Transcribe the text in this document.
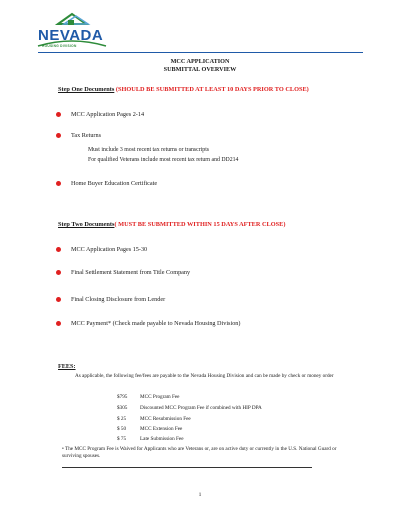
NEVADA
HOUSING DIVISION
MCC APPLICATION
SUBMITTAL OVERVIEW
Step One Documents (SHOULD BE SUBMITTED AT LEAST 10 DAYS PRIOR TO CLOSE)
MCC Application Pages 2-14
Tax Returns
Must include 3 most recent tax returns or transcripts
For qualified Veterans include most recent tax return and DD214
Home Buyer Education Certificate
Step Two Documents( MUST BE SUBMITTED WITHIN 15 DAYS AFTER CLOSE)
MCC Application Pages 15-30
Final Settlement Statement from Title Company
Final Closing Disclosure from Lender
MCC Payment* (Check made payable to Nevada Housing Division)
FEES:
As applicable, the following fee/fees are payable to the Nevada Housing Division and can be made by check or money order
$795 MCC Program Fee
$305 Discounted MCC Program Fee if combined with HIP DPA
$ 25	MCC Resubmission Fee
$ 50	MCC Extension Fee
$ 75	Late Submission Fee
• The MCC Program Fee is Waived for Applicants who are Veterans or, are on active duty or currently in the U.S. National Guard or surviving spouses.
1
